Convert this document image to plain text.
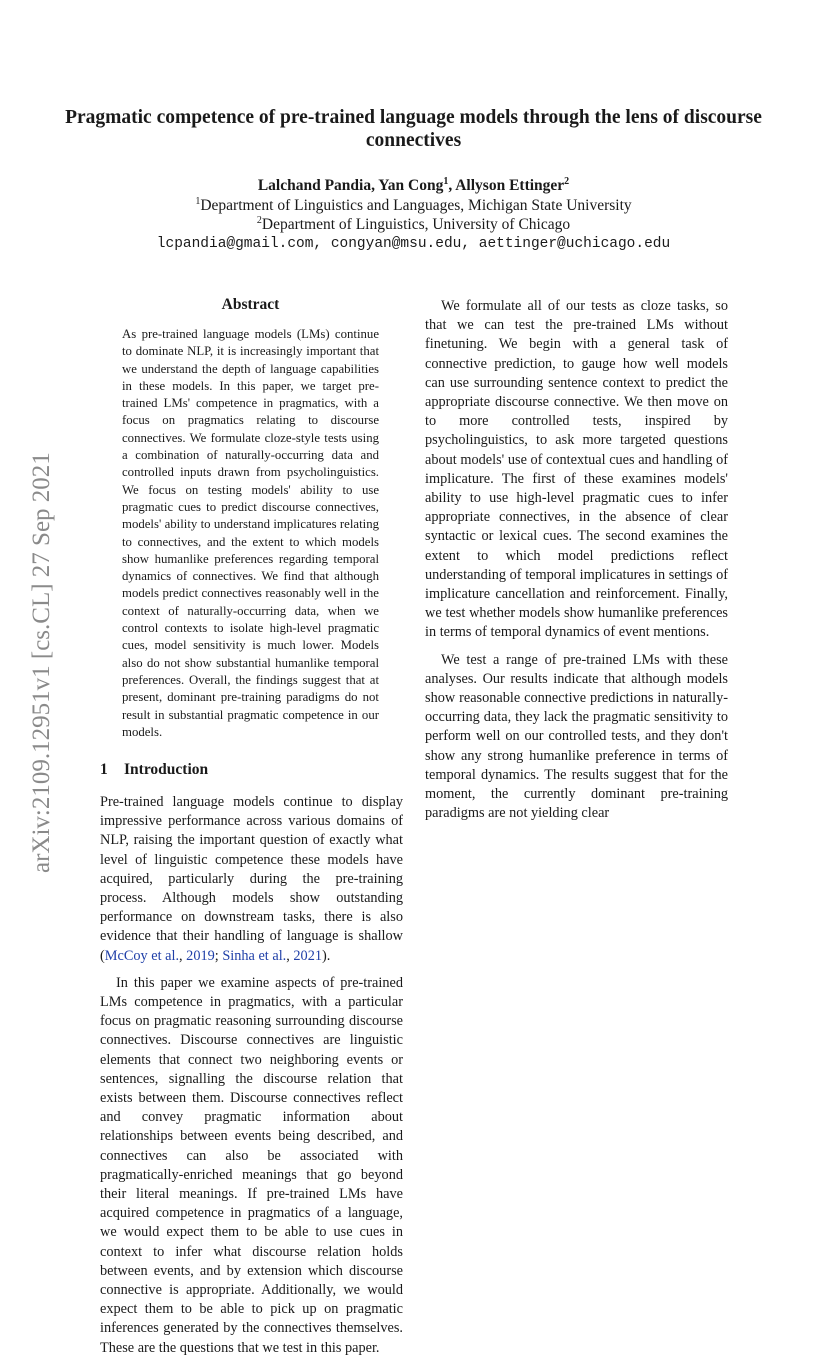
Pragmatic competence of pre-trained language models through the lens of discourse connectives
Lalchand Pandia, Yan Cong$^1$, Allyson Ettinger$^2$
$^1$Department of Linguistics and Languages, Michigan State University
$^2$Department of Linguistics, University of Chicago
lcpandia@gmail.com, congyan@msu.edu, aettinger@uchicago.edu
arXiv:2109.12951v1 [cs.CL] 27 Sep 2021
Abstract

As pre-trained language models (LMs) continue to dominate NLP, it is increasingly important that we understand the depth of language capabilities in these models. In this paper, we target pre-trained LMs' competence in pragmatics, with a focus on pragmatics relating to discourse connectives. We formulate cloze-style tests using a combination of naturally-occurring data and controlled inputs drawn from psycholinguistics. We focus on testing models' ability to use pragmatic cues to predict discourse connectives, models' ability to understand implicatures relating to connectives, and the extent to which models show humanlike preferences regarding temporal dynamics of connectives. We find that although models predict connectives reasonably well in the context of naturally-occurring data, when we control contexts to isolate high-level pragmatic cues, model sensitivity is much lower. Models also do not show substantial humanlike temporal preferences. Overall, the findings suggest that at present, dominant pre-training paradigms do not result in substantial pragmatic competence in our models.

1 Introduction

Pre-trained language models continue to display impressive performance across various domains of NLP, raising the important question of exactly what level of linguistic competence these models have acquired, particularly during the pre-training process. Although models show outstanding performance on downstream tasks, there is also evidence that their handling of language is shallow (McCoy et al., 2019; Sinha et al., 2021).

In this paper we examine aspects of pre-trained LMs competence in pragmatics, with a particular focus on pragmatic reasoning surrounding discourse connectives. Discourse connectives are linguistic elements that connect two neighboring events or sentences, signalling the discourse relation that exists between them. Discourse connectives reflect and convey pragmatic information about relationships between events being described, and connectives can also be associated with pragmatically-enriched meanings that go beyond their literal meanings. If pre-trained LMs have acquired competence in pragmatics of a language, we would expect them to be able to use cues in context to infer what discourse relation holds between events, and by extension which discourse connective is appropriate. Additionally, we would expect them to be able to pick up on pragmatic inferences generated by the connectives themselves. These are the questions that we test in this paper.

We formulate all of our tests as cloze tasks, so that we can test the pre-trained LMs without finetuning. We begin with a general task of connective prediction, to gauge how well models can use surrounding sentence context to predict the appropriate discourse connective. We then move on to more controlled tests, inspired by psycholinguistics, to ask more targeted questions about models' use of contextual cues and handling of implicature. The first of these examines models' ability to use high-level pragmatic cues to infer appropriate connectives, in the absence of clear syntactic or lexical cues. The second examines the extent to which model predictions reflect understanding of temporal implicatures in settings of implicature cancellation and reinforcement. Finally, we test whether models show humanlike preferences in terms of temporal dynamics of event mentions.

We test a range of pre-trained LMs with these analyses. Our results indicate that although models show reasonable connective predictions in naturally-occurring data, they lack the pragmatic sensitivity to perform well on our controlled tests, and they don't show any strong humanlike preference in terms of temporal dynamics. The results suggest that for the moment, the currently dominant pre-training paradigms are not yielding clear
